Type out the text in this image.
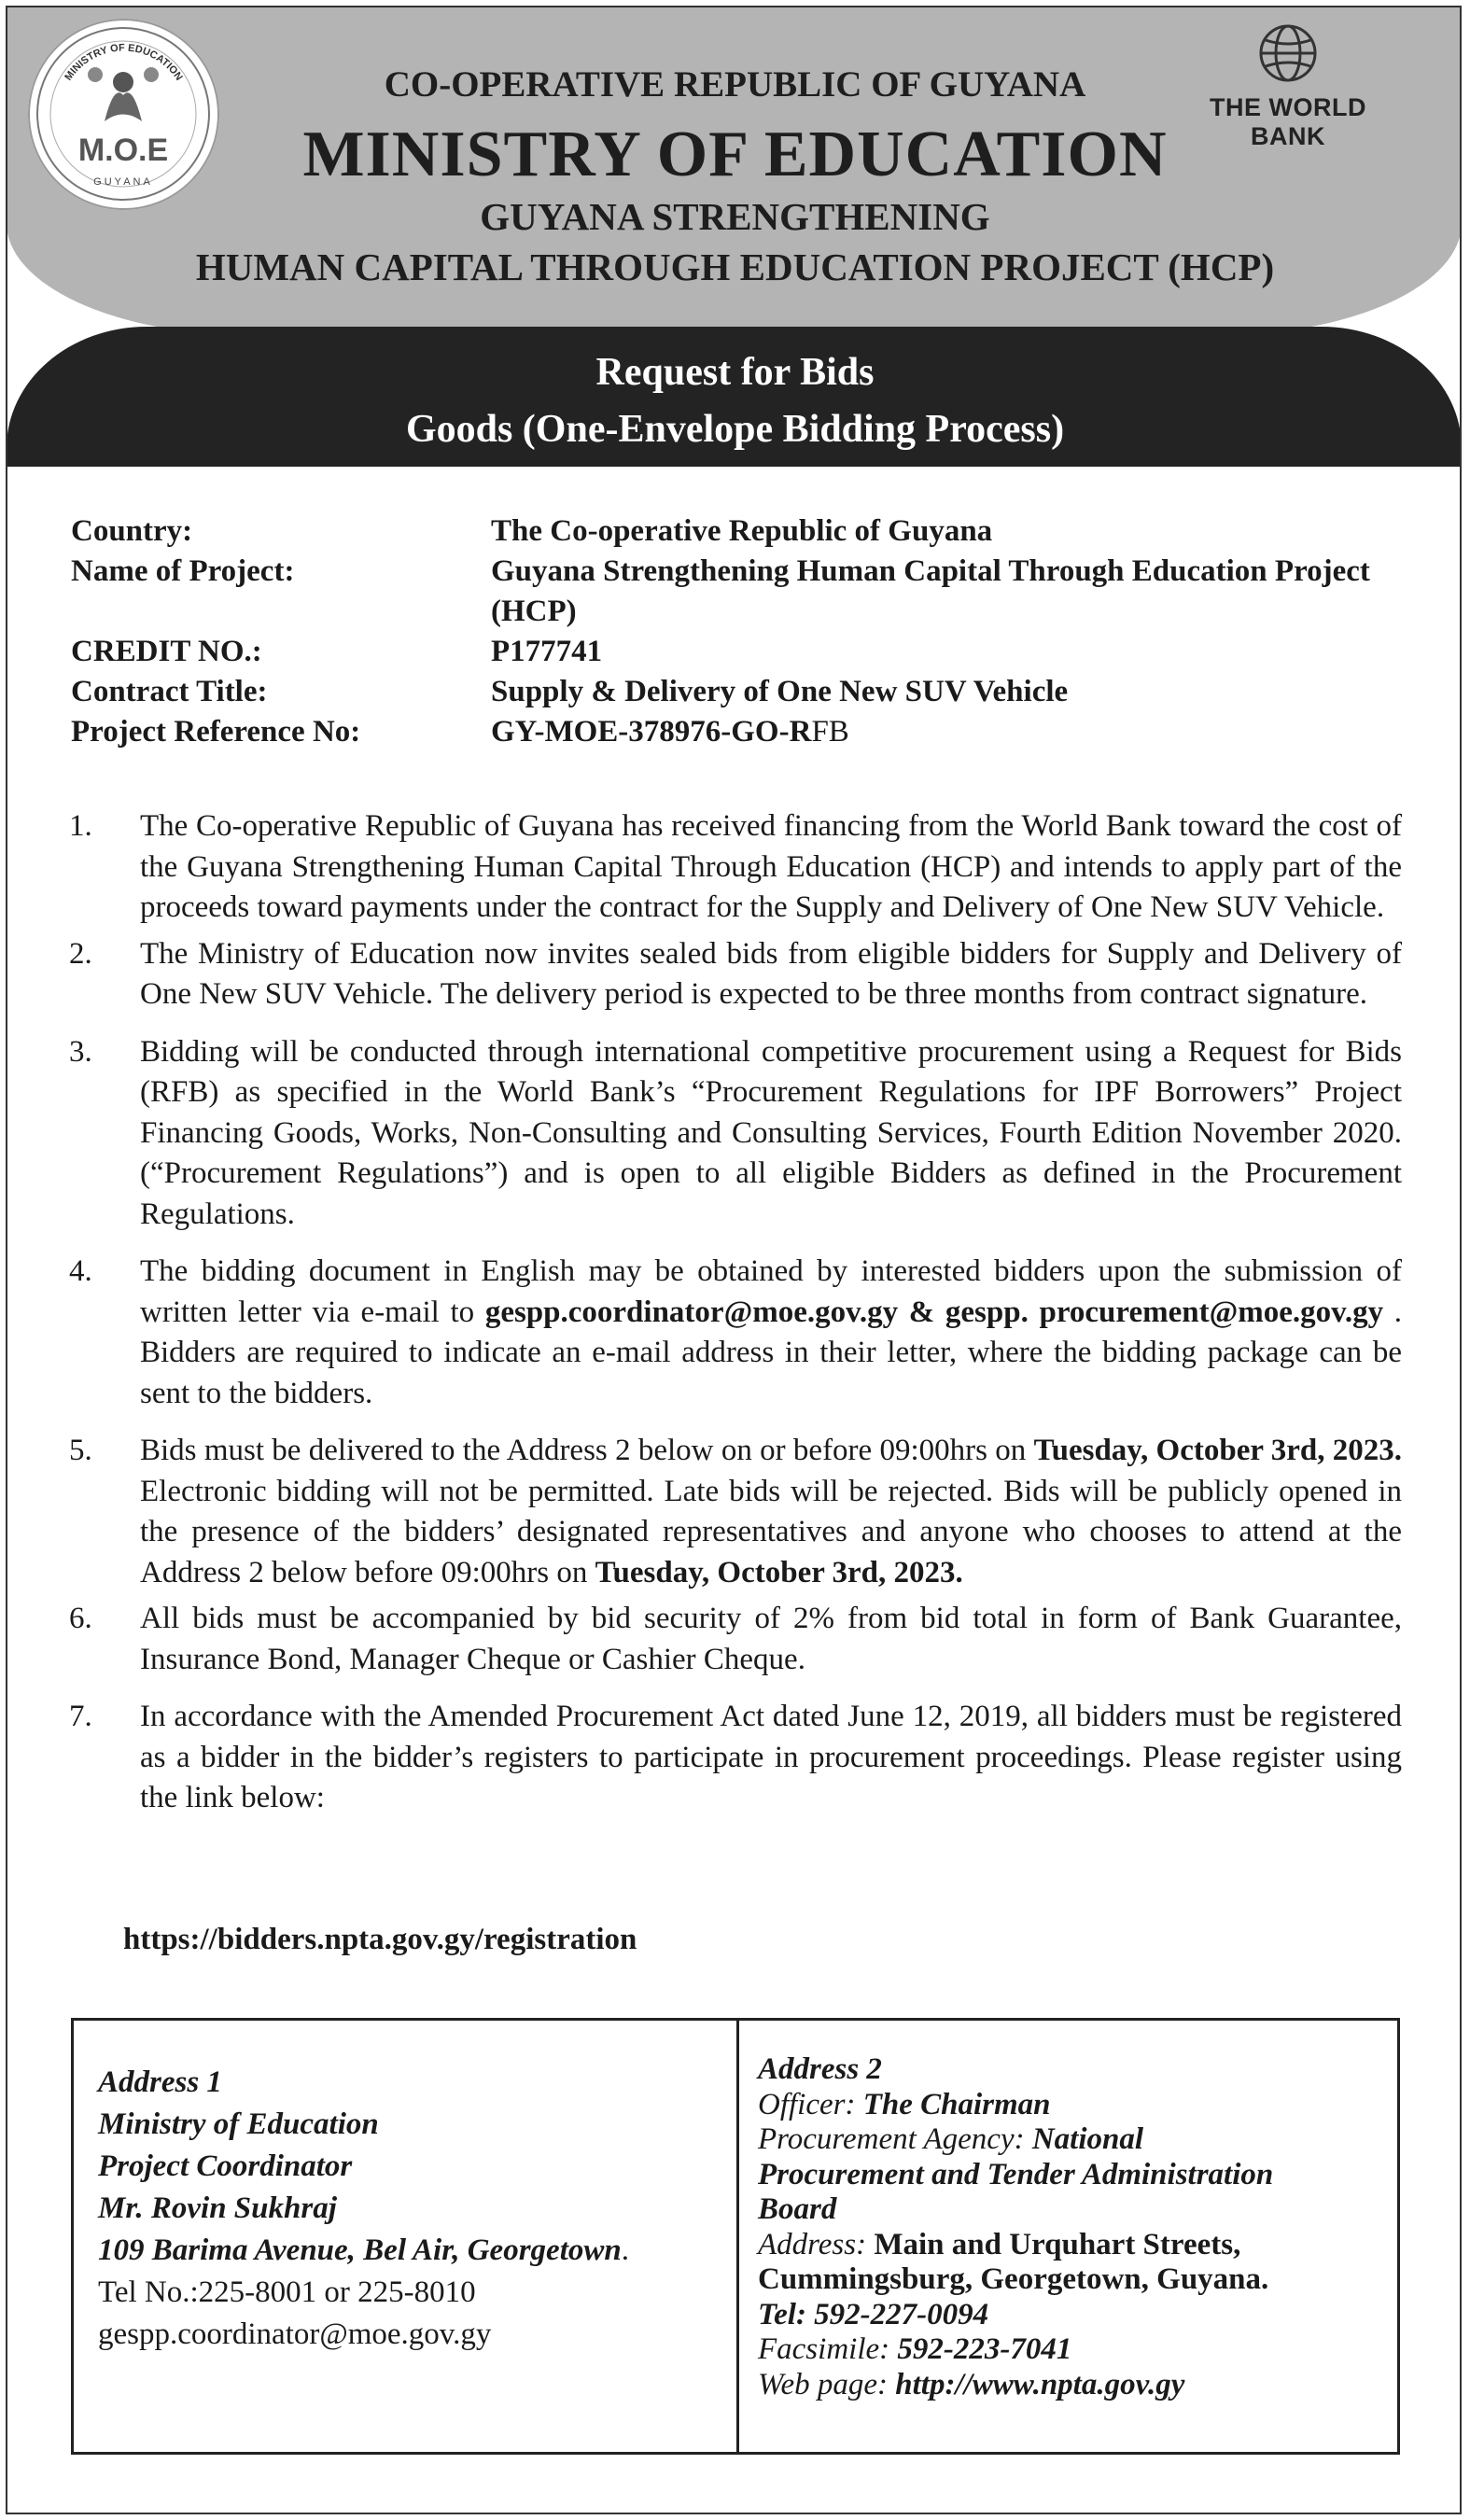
MINISTRY OF EDUCATION
M.O.E
GUYANA
THE WORLD BANK
CO-OPERATIVE REPUBLIC OF GUYANA
MINISTRY OF EDUCATION
GUYANA STRENGTHENING
HUMAN CAPITAL THROUGH EDUCATION PROJECT (HCP)
Request for Bids
Goods (One-Envelope Bidding Process)
Country:	The Co-operative Republic of Guyana
Name of Project:	Guyana Strengthening Human Capital Through Education Project (HCP)
CREDIT NO.:	P177741
Contract Title:	Supply & Delivery of One New SUV Vehicle
Project Reference No:	GY-MOE-378976-GO-RFB
1.	The Co-operative Republic of Guyana has received financing from the World Bank toward the cost of the Guyana Strengthening Human Capital Through Education (HCP) and intends to apply part of the proceeds toward payments under the contract for the Supply and Delivery of One New SUV Vehicle.
2.	The Ministry of Education now invites sealed bids from eligible bidders for Supply and Delivery of One New SUV Vehicle. The delivery period is expected to be three months from contract signature.
3.	Bidding will be conducted through international competitive procurement using a Request for Bids (RFB) as specified in the World Bank’s “Procurement Regulations for IPF Borrowers” Project Financing Goods, Works, Non-Consulting and Consulting Services, Fourth Edition November 2020. (“Procurement Regulations”) and is open to all eligible Bidders as defined in the Procurement Regulations.
4.	The bidding document in English may be obtained by interested bidders upon the submission of written letter via e-mail to gespp.coordinator@moe.gov.gy & gespp. procurement@moe.gov.gy . Bidders are required to indicate an e-mail address in their letter, where the bidding package can be sent to the bidders.
5.	Bids must be delivered to the Address 2 below on or before 09:00hrs on Tuesday, October 3rd, 2023. Electronic bidding will not be permitted. Late bids will be rejected. Bids will be publicly opened in the presence of the bidders’ designated representatives and anyone who chooses to attend at the Address 2 below before 09:00hrs on Tuesday, October 3rd, 2023.
6.	All bids must be accompanied by bid security of 2% from bid total in form of Bank Guarantee, Insurance Bond, Manager Cheque or Cashier Cheque.
7.	In accordance with the Amended Procurement Act dated June 12, 2019, all bidders must be registered as a bidder in the bidder’s registers to participate in procurement proceedings. Please register using the link below:
https://bidders.npta.gov.gy/registration
Address 1
Ministry of Education
Project Coordinator
Mr. Rovin Sukhraj
109 Barima Avenue, Bel Air, Georgetown.
Tel No.:225-8001 or 225-8010
gespp.coordinator@moe.gov.gy
Address 2
Officer: The Chairman
Procurement Agency: National
Procurement and Tender Administration
Board
Address: Main and Urquhart Streets,
Cummingsburg, Georgetown, Guyana.
Tel: 592-227-0094
Facsimile: 592-223-7041
Web page: http://www.npta.gov.gy
